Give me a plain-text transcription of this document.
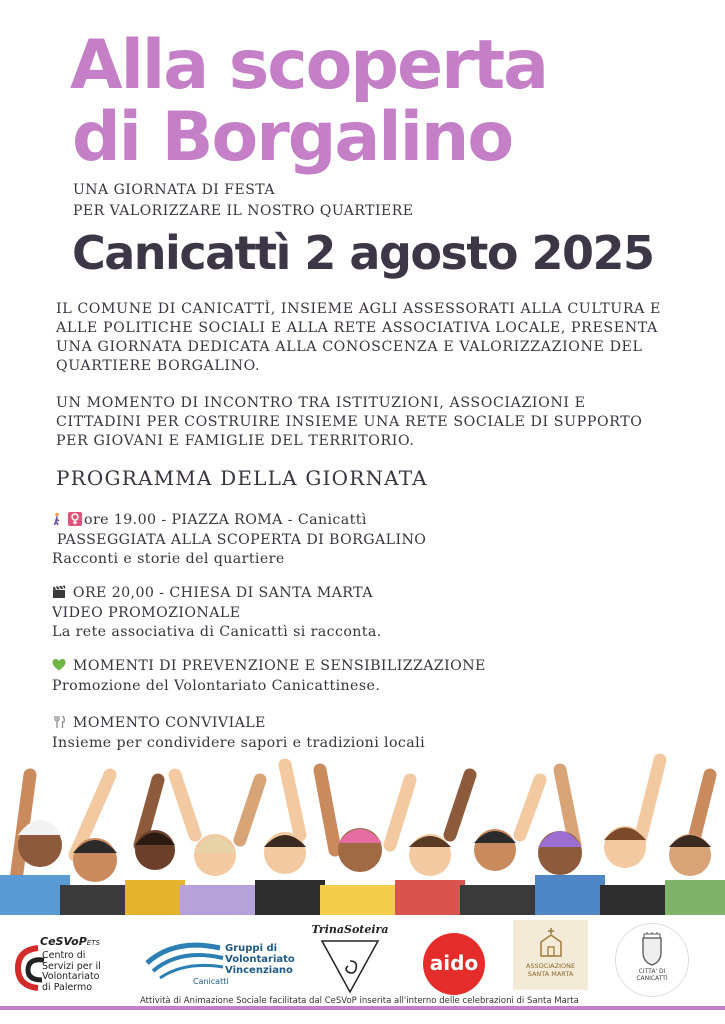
Alla scoperta
di Borgalino
UNA GIORNATA DI FESTA
PER VALORIZZARE IL NOSTRO QUARTIERE
Canicattì 2 agosto 2025
IL COMUNE DI CANICATTÌ, INSIEME AGLI ASSESSORATI ALLA CULTURA E
ALLE POLITICHE SOCIALI E ALLA RETE ASSOCIATIVA LOCALE, PRESENTA
UNA GIORNATA DEDICATA ALLA CONOSCENZA E VALORIZZAZIONE DEL
QUARTIERE BORGALINO.
UN MOMENTO DI INCONTRO TRA ISTITUZIONI, ASSOCIAZIONI E
CITTADINI PER COSTRUIRE INSIEME UNA RETE SOCIALE DI SUPPORTO
PER GIOVANI E FAMIGLIE DEL TERRITORIO.
PROGRAMMA DELLA GIORNATA
ore 19.00 - PIAZZA ROMA - Canicattì
PASSEGGIATA ALLA SCOPERTA DI BORGALINO
Racconti e storie del quartiere
ORE 20,00 - CHIESA DI SANTA MARTA
VIDEO PROMOZIONALE
La rete associativa di Canicattì si racconta.
MOMENTI DI PREVENZIONE E SENSIBILIZZAZIONE
Promozione del Volontariato Canicattinese.
MOMENTO CONVIVIALE
Insieme per condividere sapori e tradizioni locali
CeSVoPETS
Centro di
Servizi per il
Volontariato
di Palermo
Gruppi di
Volontariato
Vincenziano
Canicatti
TrinaSoteira
aido	ASSOCIAZIONE
SANTA MARTA	CITTA' DI
CANICATTÌ
Attività di Animazione Sociale facilitata dal CeSVoP inserita all'interno delle celebrazioni di Santa Marta
